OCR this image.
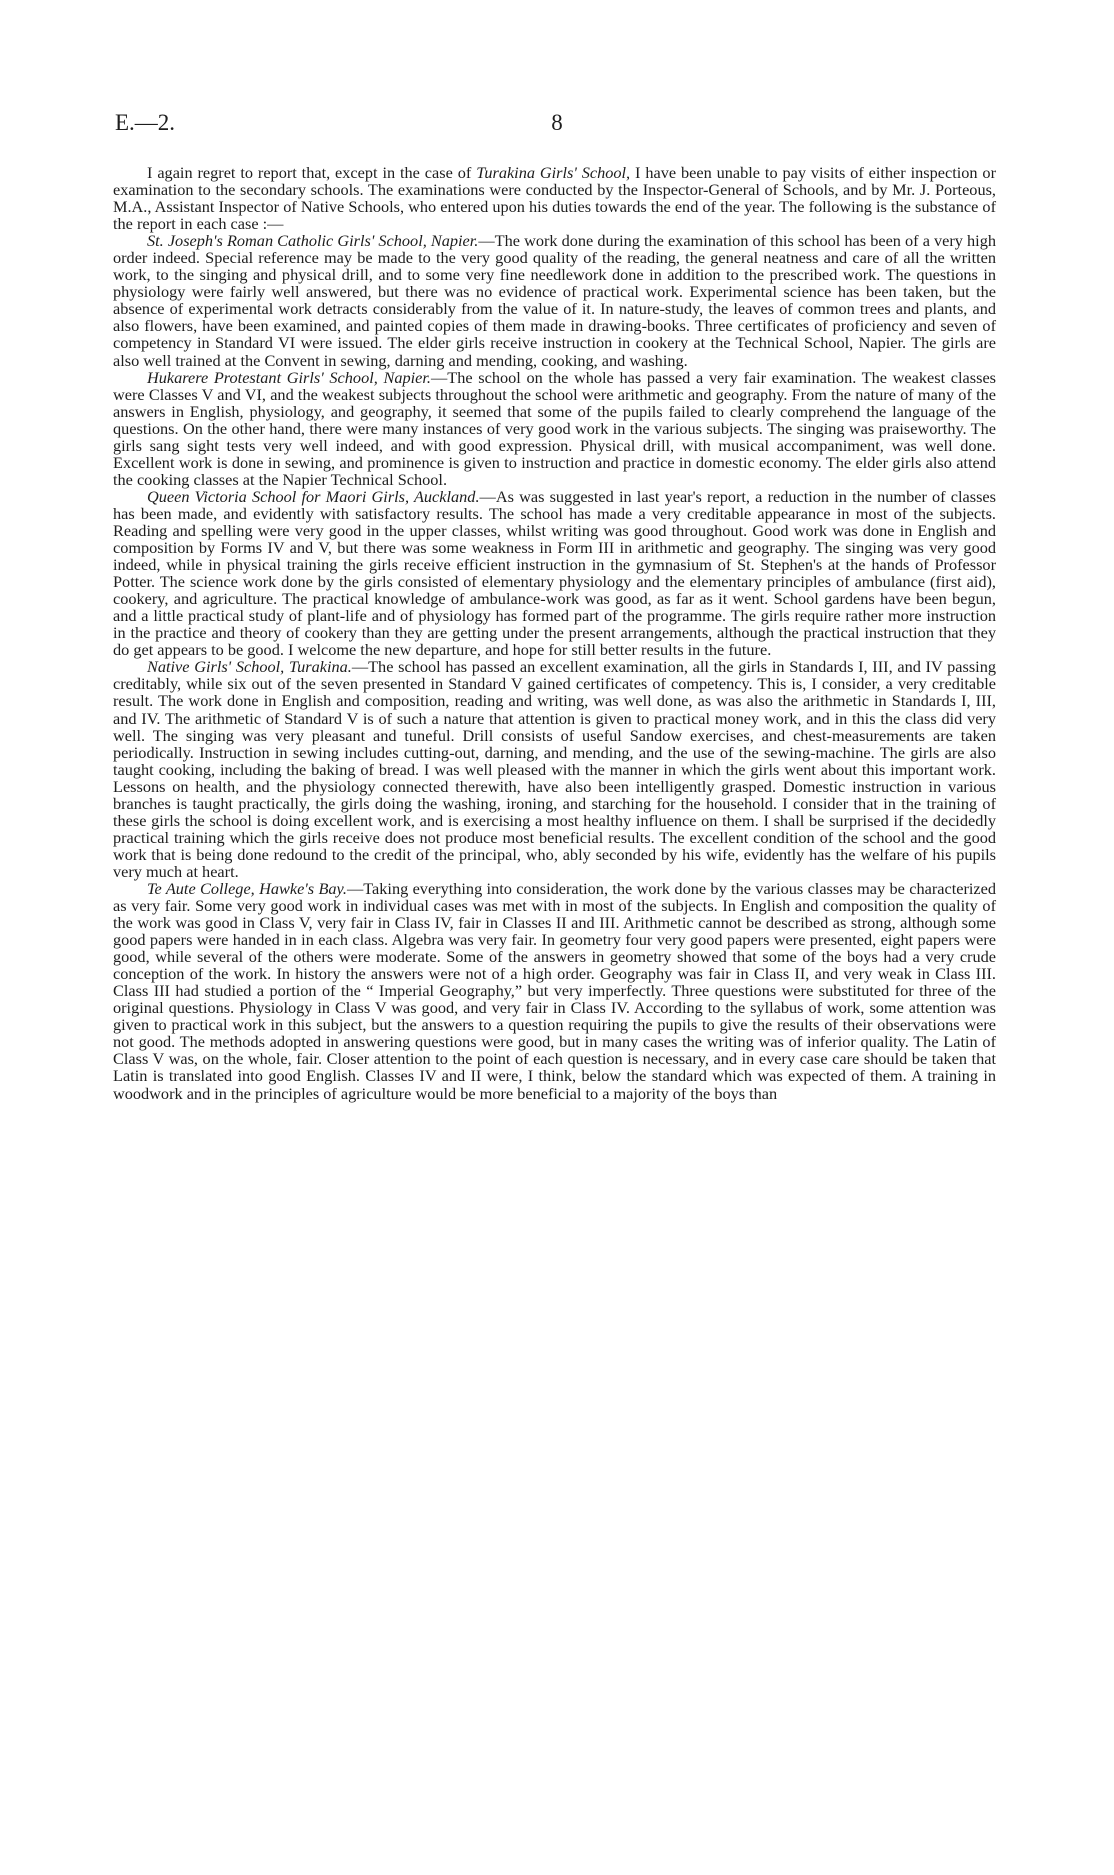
E.—2.	8

I again regret to report that, except in the case of Turakina Girls' School, I have been unable to pay visits of either inspection or examination to the secondary schools. The examinations were conducted by the Inspector-General of Schools, and by Mr. J. Porteous, M.A., Assistant Inspector of Native Schools, who entered upon his duties towards the end of the year. The following is the substance of the report in each case :—

St. Joseph's Roman Catholic Girls' School, Napier.—The work done during the examination of this school has been of a very high order indeed. Special reference may be made to the very good quality of the reading, the general neatness and care of all the written work, to the singing and physical drill, and to some very fine needlework done in addition to the prescribed work. The questions in physiology were fairly well answered, but there was no evidence of practical work. Experimental science has been taken, but the absence of experimental work detracts considerably from the value of it. In nature-study, the leaves of common trees and plants, and also flowers, have been examined, and painted copies of them made in drawing-books. Three certificates of proficiency and seven of competency in Standard VI were issued. The elder girls receive instruction in cookery at the Technical School, Napier. The girls are also well trained at the Convent in sewing, darning and mending, cooking, and washing.

Hukarere Protestant Girls' School, Napier.—The school on the whole has passed a very fair examination. The weakest classes were Classes V and VI, and the weakest subjects throughout the school were arithmetic and geography. From the nature of many of the answers in English, physiology, and geography, it seemed that some of the pupils failed to clearly comprehend the language of the questions. On the other hand, there were many instances of very good work in the various subjects. The singing was praiseworthy. The girls sang sight tests very well indeed, and with good expression. Physical drill, with musical accompaniment, was well done. Excellent work is done in sewing, and prominence is given to instruction and practice in domestic economy. The elder girls also attend the cooking classes at the Napier Technical School.

Queen Victoria School for Maori Girls, Auckland.—As was suggested in last year's report, a reduction in the number of classes has been made, and evidently with satisfactory results. The school has made a very creditable appearance in most of the subjects. Reading and spelling were very good in the upper classes, whilst writing was good throughout. Good work was done in English and composition by Forms IV and V, but there was some weakness in Form III in arithmetic and geography. The singing was very good indeed, while in physical training the girls receive efficient instruction in the gymnasium of St. Stephen's at the hands of Professor Potter. The science work done by the girls consisted of elementary physiology and the elementary principles of ambulance (first aid), cookery, and agriculture. The practical knowledge of ambulance-work was good, as far as it went. School gardens have been begun, and a little practical study of plant-life and of physiology has formed part of the programme. The girls require rather more instruction in the practice and theory of cookery than they are getting under the present arrangements, although the practical instruction that they do get appears to be good. I welcome the new departure, and hope for still better results in the future.

Native Girls' School, Turakina.—The school has passed an excellent examination, all the girls in Standards I, III, and IV passing creditably, while six out of the seven presented in Standard V gained certificates of competency. This is, I consider, a very creditable result. The work done in English and composition, reading and writing, was well done, as was also the arithmetic in Standards I, III, and IV. The arithmetic of Standard V is of such a nature that attention is given to practical money work, and in this the class did very well. The singing was very pleasant and tuneful. Drill consists of useful Sandow exercises, and chest-measurements are taken periodically. Instruction in sewing includes cutting-out, darning, and mending, and the use of the sewing-machine. The girls are also taught cooking, including the baking of bread. I was well pleased with the manner in which the girls went about this important work. Lessons on health, and the physiology connected therewith, have also been intelligently grasped. Domestic instruction in various branches is taught practically, the girls doing the washing, ironing, and starching for the household. I consider that in the training of these girls the school is doing excellent work, and is exercising a most healthy influence on them. I shall be surprised if the decidedly practical training which the girls receive does not produce most beneficial results. The excellent condition of the school and the good work that is being done redound to the credit of the principal, who, ably seconded by his wife, evidently has the welfare of his pupils very much at heart.

Te Aute College, Hawke's Bay.—Taking everything into consideration, the work done by the various classes may be characterized as very fair. Some very good work in individual cases was met with in most of the subjects. In English and composition the quality of the work was good in Class V, very fair in Class IV, fair in Classes II and III. Arithmetic cannot be described as strong, although some good papers were handed in in each class. Algebra was very fair. In geometry four very good papers were presented, eight papers were good, while several of the others were moderate. Some of the answers in geometry showed that some of the boys had a very crude conception of the work. In history the answers were not of a high order. Geography was fair in Class II, and very weak in Class III. Class III had studied a portion of the “ Imperial Geography,” but very imperfectly. Three questions were substituted for three of the original questions. Physiology in Class V was good, and very fair in Class IV. According to the syllabus of work, some attention was given to practical work in this subject, but the answers to a question requiring the pupils to give the results of their observations were not good. The methods adopted in answering questions were good, but in many cases the writing was of inferior quality. The Latin of Class V was, on the whole, fair. Closer attention to the point of each question is necessary, and in every case care should be taken that Latin is translated into good English. Classes IV and II were, I think, below the standard which was expected of them. A training in woodwork and in the principles of agriculture would be more beneficial to a majority of the boys than
